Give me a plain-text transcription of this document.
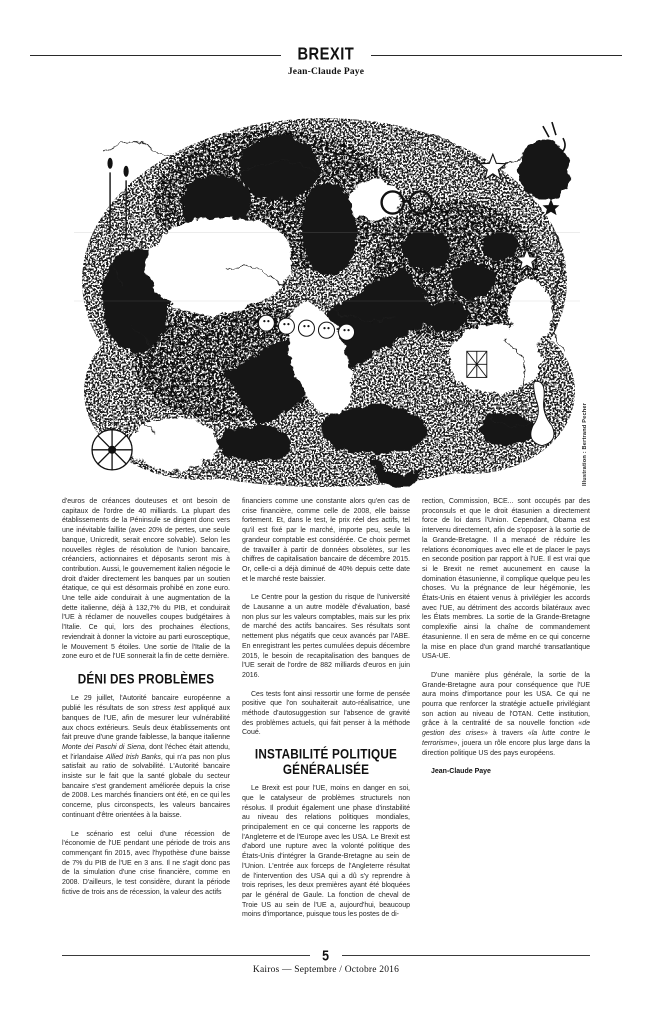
BREXIT
Jean-Claude Paye
Illustration : Bertrand Pecher

d'euros de créances douteuses et ont besoin de capitaux de l'ordre de 40 milliards. La plupart des établissements de la Péninsule se dirigent donc vers une inévitable faillite (avec 20% de pertes, une seule banque, Unicredit, serait encore solvable). Selon les nouvelles règles de résolution de l'union bancaire, créanciers, actionnaires et déposants seront mis à contribution. Aussi, le gouvernement italien négocie le droit d'aider directement les banques par un soutien étatique, ce qui est désormais prohibé en zone euro. Une telle aide conduirait à une augmentation de la dette italienne, déjà à 132,7% du PIB, et conduirait l'UE à réclamer de nouvelles coupes budgétaires à l'Italie. Ce qui, lors des prochaines élections, reviendrait à donner la victoire au parti eurosceptique, le Mouvement 5 étoiles. Une sortie de l'Italie de la zone euro et de l'UE sonnerait la fin de cette dernière.

DÉNI DES PROBLÈMES

Le 29 juillet, l'Autorité bancaire européenne a publié les résultats de son stress test appliqué aux banques de l'UE, afin de mesurer leur vulnérabilité aux chocs extérieurs. Seuls deux établissements ont fait preuve d'une grande faiblesse, la banque italienne Monte dei Paschi di Siena, dont l'échec était attendu, et l'irlandaise Allied Irish Banks, qui n'a pas non plus satisfait au ratio de solvabilité. L'Autorité bancaire insiste sur le fait que la santé globale du secteur bancaire s'est grandement améliorée depuis la crise de 2008. Les marchés financiers ont été, en ce qui les concerne, plus circonspects, les valeurs bancaires continuant d'être orientées à la baisse.

Le scénario est celui d'une récession de l'économie de l'UE pendant une période de trois ans commençant fin 2015, avec l'hypothèse d'une baisse de 7% du PIB de l'UE en 3 ans. Il ne s'agit donc pas de la simulation d'une crise financière, comme en 2008. D'ailleurs, le test considère, durant la période fictive de trois ans de récession, la valeur des actifs

financiers comme une constante alors qu'en cas de crise financière, comme celle de 2008, elle baisse fortement. Et, dans le test, le prix réel des actifs, tel qu'il est fixé par le marché, importe peu, seule la grandeur comptable est considérée. Ce choix permet de travailler à partir de données obsolètes, sur les chiffres de capitalisation bancaire de décembre 2015. Or, celle-ci a déjà diminué de 40% depuis cette date et le marché reste baissier.

Le Centre pour la gestion du risque de l'université de Lausanne a un autre modèle d'évaluation, basé non plus sur les valeurs comptables, mais sur les prix de marché des actifs bancaires. Ses résultats sont nettement plus négatifs que ceux avancés par l'ABE. En enregistrant les pertes cumulées depuis décembre 2015, le besoin de recapitalisation des banques de l'UE serait de l'ordre de 882 milliards d'euros en juin 2016.

Ces tests font ainsi ressortir une forme de pensée positive que l'on souhaiterait auto-réalisatrice, une méthode d'autosuggestion sur l'absence de gravité des problèmes actuels, qui fait penser à la méthode Coué.

INSTABILITÉ POLITIQUE GÉNÉRALISÉE

Le Brexit est pour l'UE, moins en danger en soi, que le catalyseur de problèmes structurels non résolus. Il produit également une phase d'instabilité au niveau des relations politiques mondiales, principalement en ce qui concerne les rapports de l'Angleterre et de l'Europe avec les USA. Le Brexit est d'abord une rupture avec la volonté politique des États-Unis d'intégrer la Grande-Bretagne au sein de l'Union. L'entrée aux forceps de l'Angleterre résultat de l'intervention des USA qui a dû s'y reprendre à trois reprises, les deux premières ayant été bloquées par le général de Gaule. La fonction de cheval de Troie US au sein de l'UE a, aujourd'hui, beaucoup moins d'importance, puisque tous les postes de di-

rection, Commission, BCE... sont occupés par des proconsuls et que le droit étasunien a directement force de loi dans l'Union. Cependant, Obama est intervenu directement, afin de s'opposer à la sortie de la Grande-Bretagne. Il a menacé de réduire les relations économiques avec elle et de placer le pays en seconde position par rapport à l'UE. Il est vrai que si le Brexit ne remet aucunement en cause la domination étasunienne, il complique quelque peu les choses. Vu la prégnance de leur hégémonie, les États-Unis en étaient venus à privilégier les accords avec l'UE, au détriment des accords bilatéraux avec les États membres. La sortie de la Grande-Bretagne complexifie ainsi la chaîne de commandement étasunienne. Il en sera de même en ce qui concerne la mise en place d'un grand marché transatlantique USA-UE.

D'une manière plus générale, la sortie de la Grande-Bretagne aura pour conséquence que l'UE aura moins d'importance pour les USA. Ce qui ne pourra que renforcer la stratégie actuelle privilégiant son action au niveau de l'OTAN. Cette institution, grâce à la centralité de sa nouvelle fonction «de gestion des crises» à travers «la lutte contre le terrorisme», jouera un rôle encore plus large dans la direction politique US des pays européens.

Jean-Claude Paye

5
Kairos — Septembre / Octobre 2016
